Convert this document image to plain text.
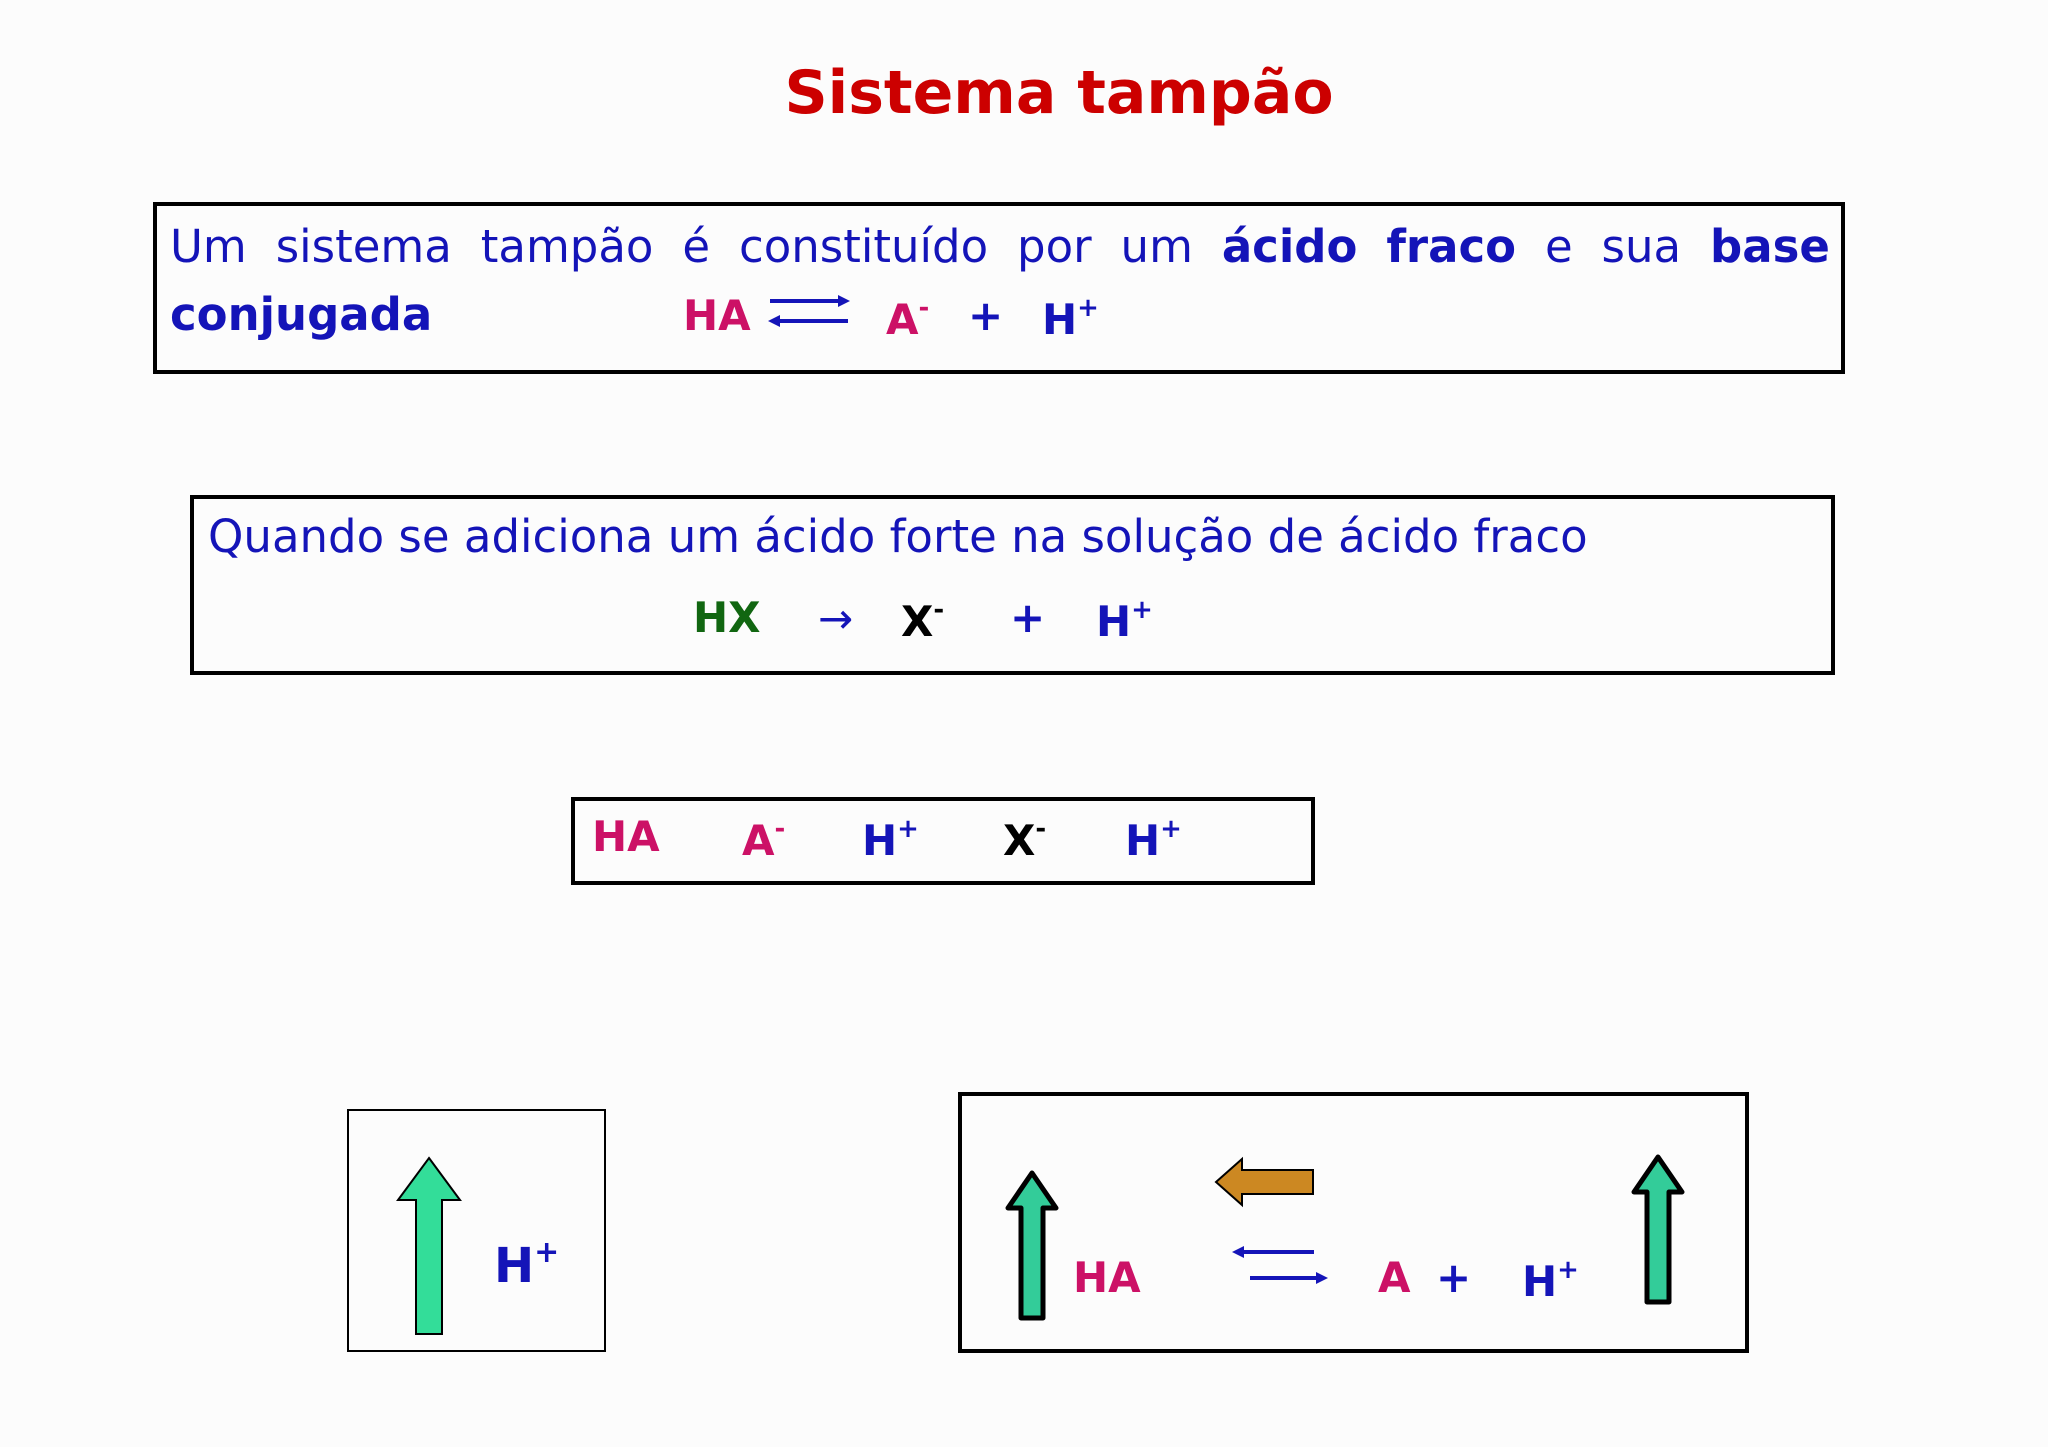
Sistema tampão
Um sistema tampão é constituído por um ácido fraco e sua base
conjugada	HA	A- + H+
Quando se adiciona um ácido forte na solução de ácido fraco
HX → X- + H+
HA A- H+ X- H+
H+
HA	A + H+
